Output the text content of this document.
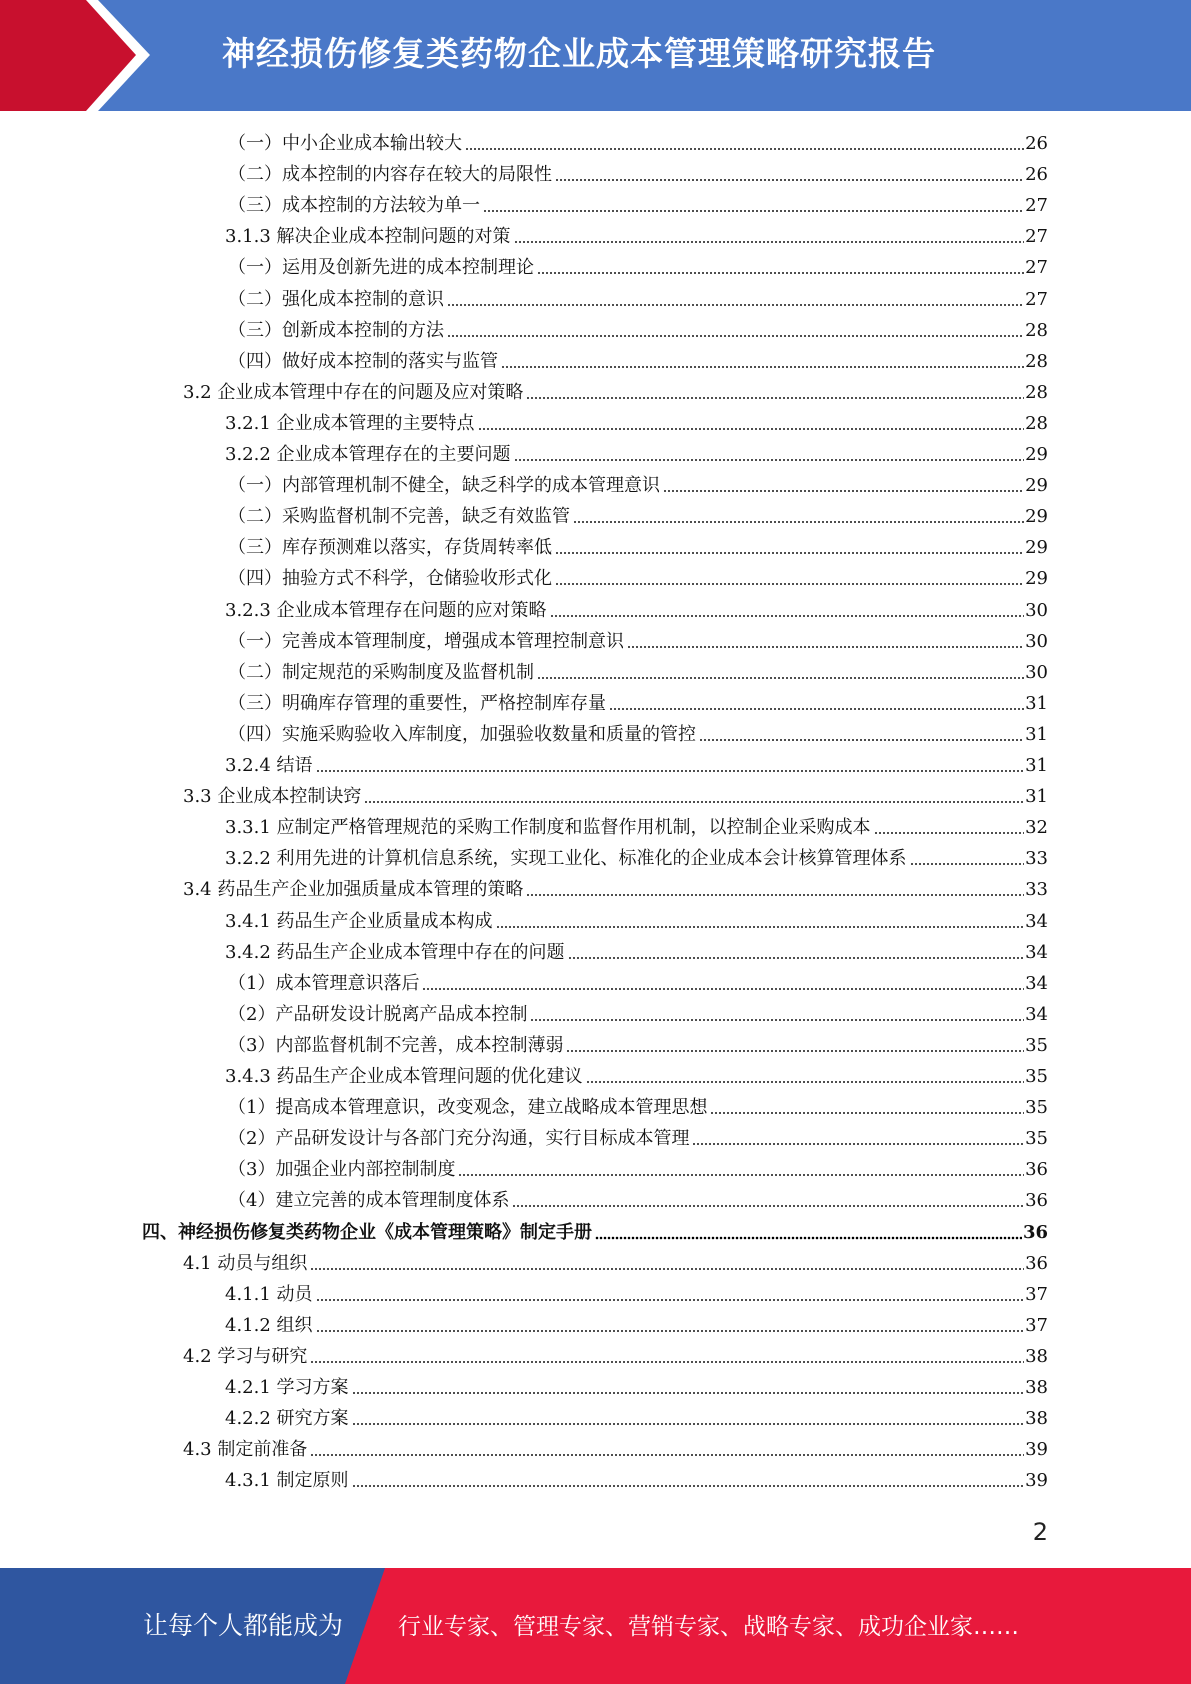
神经损伤修复类药物企业成本管理策略研究报告
（一）中小企业成本输出较大	26
（二）成本控制的内容存在较大的局限性	26
（三）成本控制的方法较为单一	27
3.1.3 解决企业成本控制问题的对策	27
（一）运用及创新先进的成本控制理论	27
（二）强化成本控制的意识	27
（三）创新成本控制的方法	28
（四）做好成本控制的落实与监管	28
3.2 企业成本管理中存在的问题及应对策略	28
3.2.1 企业成本管理的主要特点	28
3.2.2 企业成本管理存在的主要问题	29
（一）内部管理机制不健全，缺乏科学的成本管理意识	29
（二）采购监督机制不完善，缺乏有效监管	29
（三）库存预测难以落实，存货周转率低	29
（四）抽验方式不科学，仓储验收形式化	29
3.2.3 企业成本管理存在问题的应对策略	30
（一）完善成本管理制度，增强成本管理控制意识	30
（二）制定规范的采购制度及监督机制	30
（三）明确库存管理的重要性，严格控制库存量	31
（四）实施采购验收入库制度，加强验收数量和质量的管控	31
3.2.4 结语	31
3.3 企业成本控制诀窍	31
3.3.1 应制定严格管理规范的采购工作制度和监督作用机制，以控制企业采购成本	32
3.2.2 利用先进的计算机信息系统，实现工业化、标准化的企业成本会计核算管理体系	33
3.4 药品生产企业加强质量成本管理的策略	33
3.4.1 药品生产企业质量成本构成	34
3.4.2 药品生产企业成本管理中存在的问题	34
（1）成本管理意识落后	34
（2）产品研发设计脱离产品成本控制	34
（3）内部监督机制不完善，成本控制薄弱	35
3.4.3 药品生产企业成本管理问题的优化建议	35
（1）提高成本管理意识，改变观念，建立战略成本管理思想	35
（2）产品研发设计与各部门充分沟通，实行目标成本管理	35
（3）加强企业内部控制制度	36
（4）建立完善的成本管理制度体系	36
四、神经损伤修复类药物企业《成本管理策略》制定手册	36
4.1 动员与组织	36
4.1.1 动员	37
4.1.2 组织	37
4.2 学习与研究	38
4.2.1 学习方案	38
4.2.2 研究方案	38
4.3 制定前准备	39
4.3.1 制定原则	39
2
让每个人都能成为 行业专家、管理专家、营销专家、战略专家、成功企业家……
